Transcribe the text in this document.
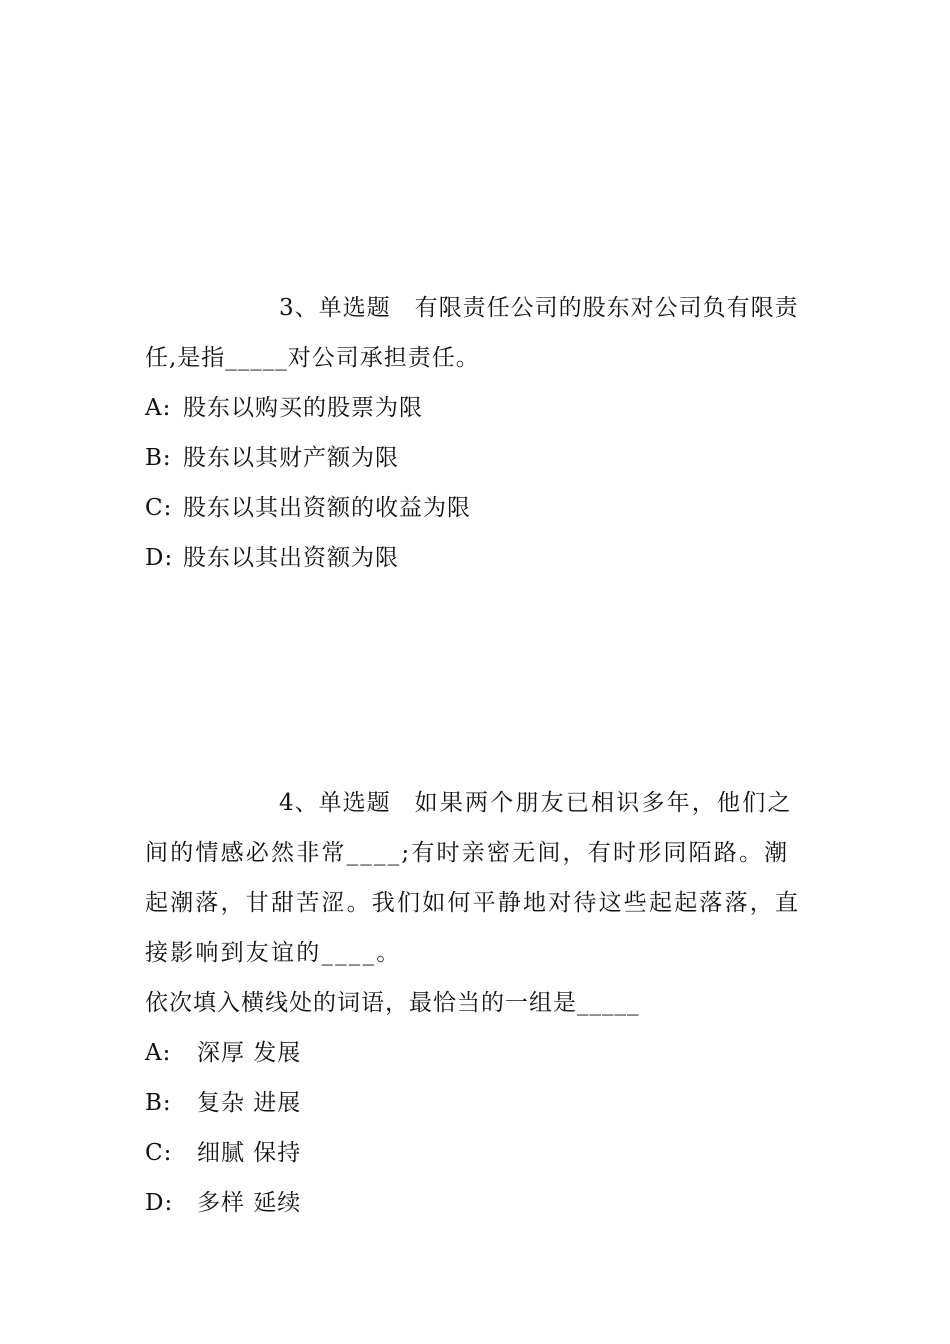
3、单选题 有限责任公司的股东对公司负有限责任,是指_____对公司承担责任。

A: 股东以购买的股票为限
B: 股东以其财产额为限
C: 股东以其出资额的收益为限
D: 股东以其出资额为限

4、单选题 如果两个朋友已相识多年，他们之间的情感必然非常____;有时亲密无间，有时形同陌路。潮起潮落，甘甜苦涩。我们如何平静地对待这些起起落落，直接影响到友谊的____。

依次填入横线处的词语，最恰当的一组是_____

A: 深厚 发展
B: 复杂 进展
C: 细腻 保持
D: 多样 延续
